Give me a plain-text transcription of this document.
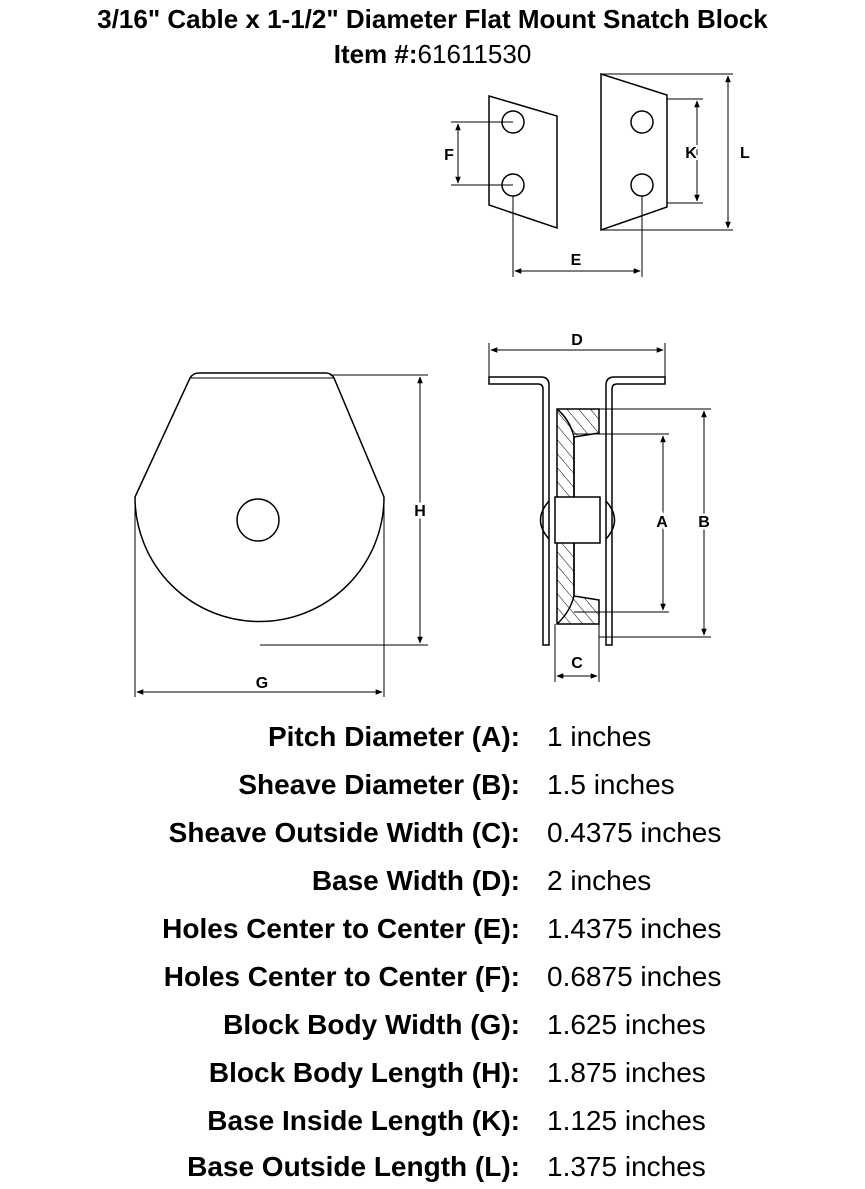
3/16" Cable x 1-1/2" Diameter Flat Mount Snatch Block
Item #:61611530
F	K	L
E
H
G
D
A B
C
Pitch Diameter (A): 1 inches
Sheave Diameter (B): 1.5 inches
Sheave Outside Width (C): 0.4375 inches
Base Width (D): 2 inches
Holes Center to Center (E): 1.4375 inches
Holes Center to Center (F): 0.6875 inches
Block Body Width (G): 1.625 inches
Block Body Length (H): 1.875 inches
Base Inside Length (K): 1.125 inches
Base Outside Length (L): 1.375 inches
